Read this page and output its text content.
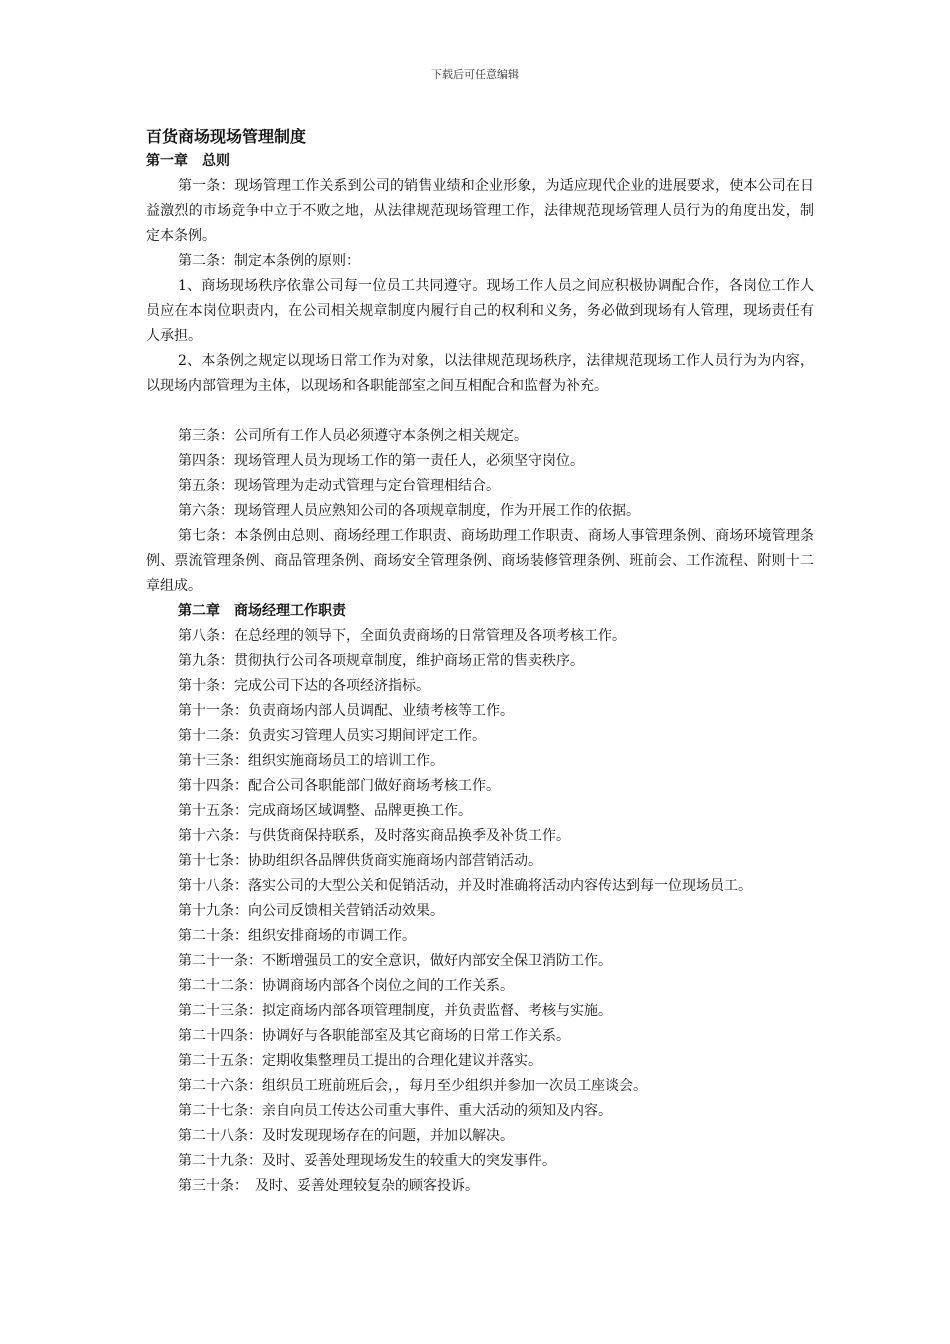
下载后可任意编辑
百货商场现场管理制度
第一章　总则

第一条：现场管理工作关系到公司的销售业绩和企业形象，为适应现代企业的进展要求，使本公司在日益激烈的市场竞争中立于不败之地，从法律规范现场管理工作，法律规范现场管理人员行为的角度出发，制定本条例。

第二条：制定本条例的原则：

1、商场现场秩序依靠公司每一位员工共同遵守。现场工作人员之间应积极协调配合作，各岗位工作人员应在本岗位职责内，在公司相关规章制度内履行自己的权利和义务，务必做到现场有人管理，现场责任有人承担。

2、本条例之规定以现场日常工作为对象，以法律规范现场秩序，法律规范现场工作人员行为为内容，以现场内部管理为主体，以现场和各职能部室之间互相配合和监督为补充。

第三条：公司所有工作人员必须遵守本条例之相关规定。

第四条：现场管理人员为现场工作的第一责任人，必须坚守岗位。

第五条：现场管理为走动式管理与定台管理相结合。

第六条：现场管理人员应熟知公司的各项规章制度，作为开展工作的依据。

第七条：本条例由总则、商场经理工作职责、商场助理工作职责、商场人事管理条例、商场环境管理条例、票流管理条例、商品管理条例、商场安全管理条例、商场装修管理条例、班前会、工作流程、附则十二章组成。

第二章　商场经理工作职责

第八条：在总经理的领导下，全面负责商场的日常管理及各项考核工作。

第九条：贯彻执行公司各项规章制度，维护商场正常的售卖秩序。

第十条：完成公司下达的各项经济指标。

第十一条：负责商场内部人员调配、业绩考核等工作。

第十二条：负责实习管理人员实习期间评定工作。

第十三条：组织实施商场员工的培训工作。

第十四条：配合公司各职能部门做好商场考核工作。

第十五条：完成商场区域调整、品牌更换工作。

第十六条：与供货商保持联系，及时落实商品换季及补货工作。

第十七条：协助组织各品牌供货商实施商场内部营销活动。

第十八条：落实公司的大型公关和促销活动，并及时准确将活动内容传达到每一位现场员工。

第十九条：向公司反馈相关营销活动效果。

第二十条：组织安排商场的市调工作。

第二十一条：不断增强员工的安全意识，做好内部安全保卫消防工作。

第二十二条：协调商场内部各个岗位之间的工作关系。

第二十三条：拟定商场内部各项管理制度，并负责监督、考核与实施。

第二十四条：协调好与各职能部室及其它商场的日常工作关系。

第二十五条：定期收集整理员工提出的合理化建议并落实。

第二十六条：组织员工班前班后会，，每月至少组织并参加一次员工座谈会。

第二十七条：亲自向员工传达公司重大事件、重大活动的须知及内容。

第二十八条：及时发现现场存在的问题，并加以解决。

第二十九条：及时、妥善处理现场发生的较重大的突发事件。

第三十条：　及时、妥善处理较复杂的顾客投诉。
